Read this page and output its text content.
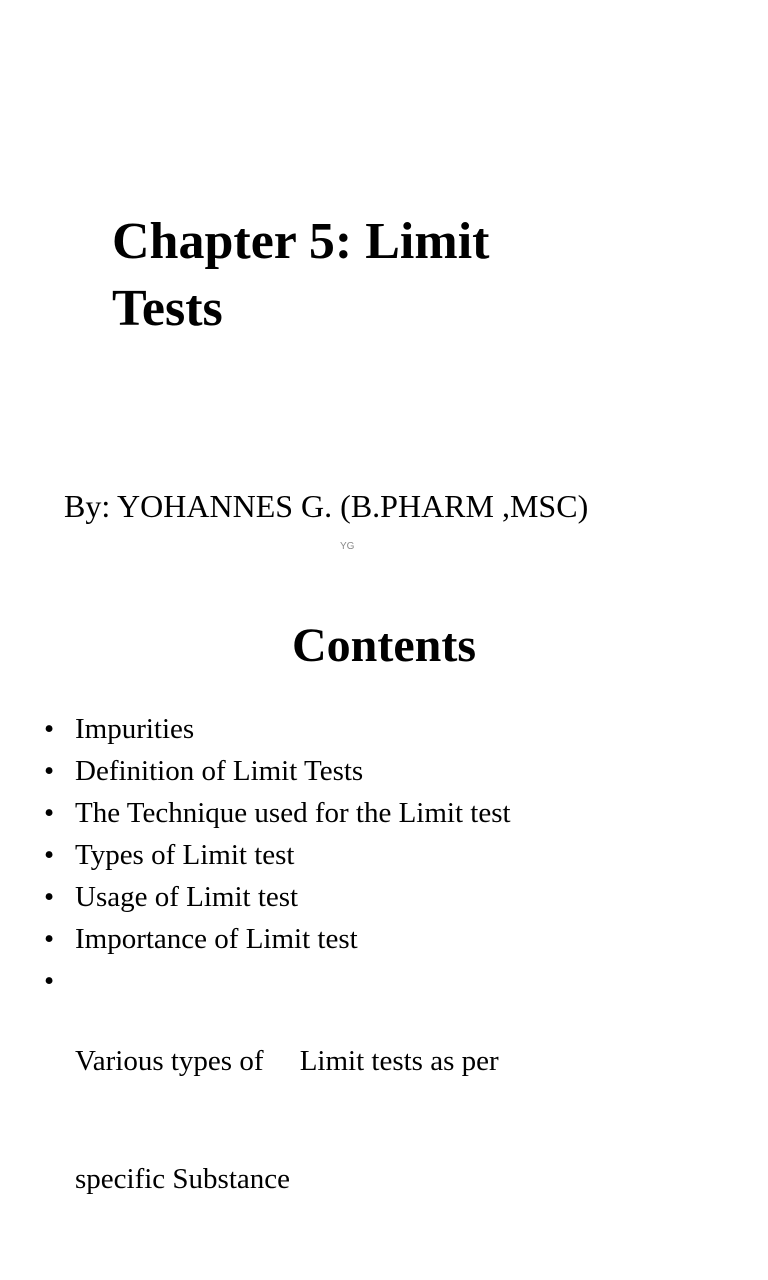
Chapter 5: Limit
Tests

By: YOHANNES G. (B.PHARM ,MSC)

YG
Contents
• Impurities
• Definition of Limit Tests
• The Technique used for the Limit test
• Types of Limit test
• Usage of Limit test
• Importance of Limit test
•

Various types of     Limit tests as per

specific Substance
